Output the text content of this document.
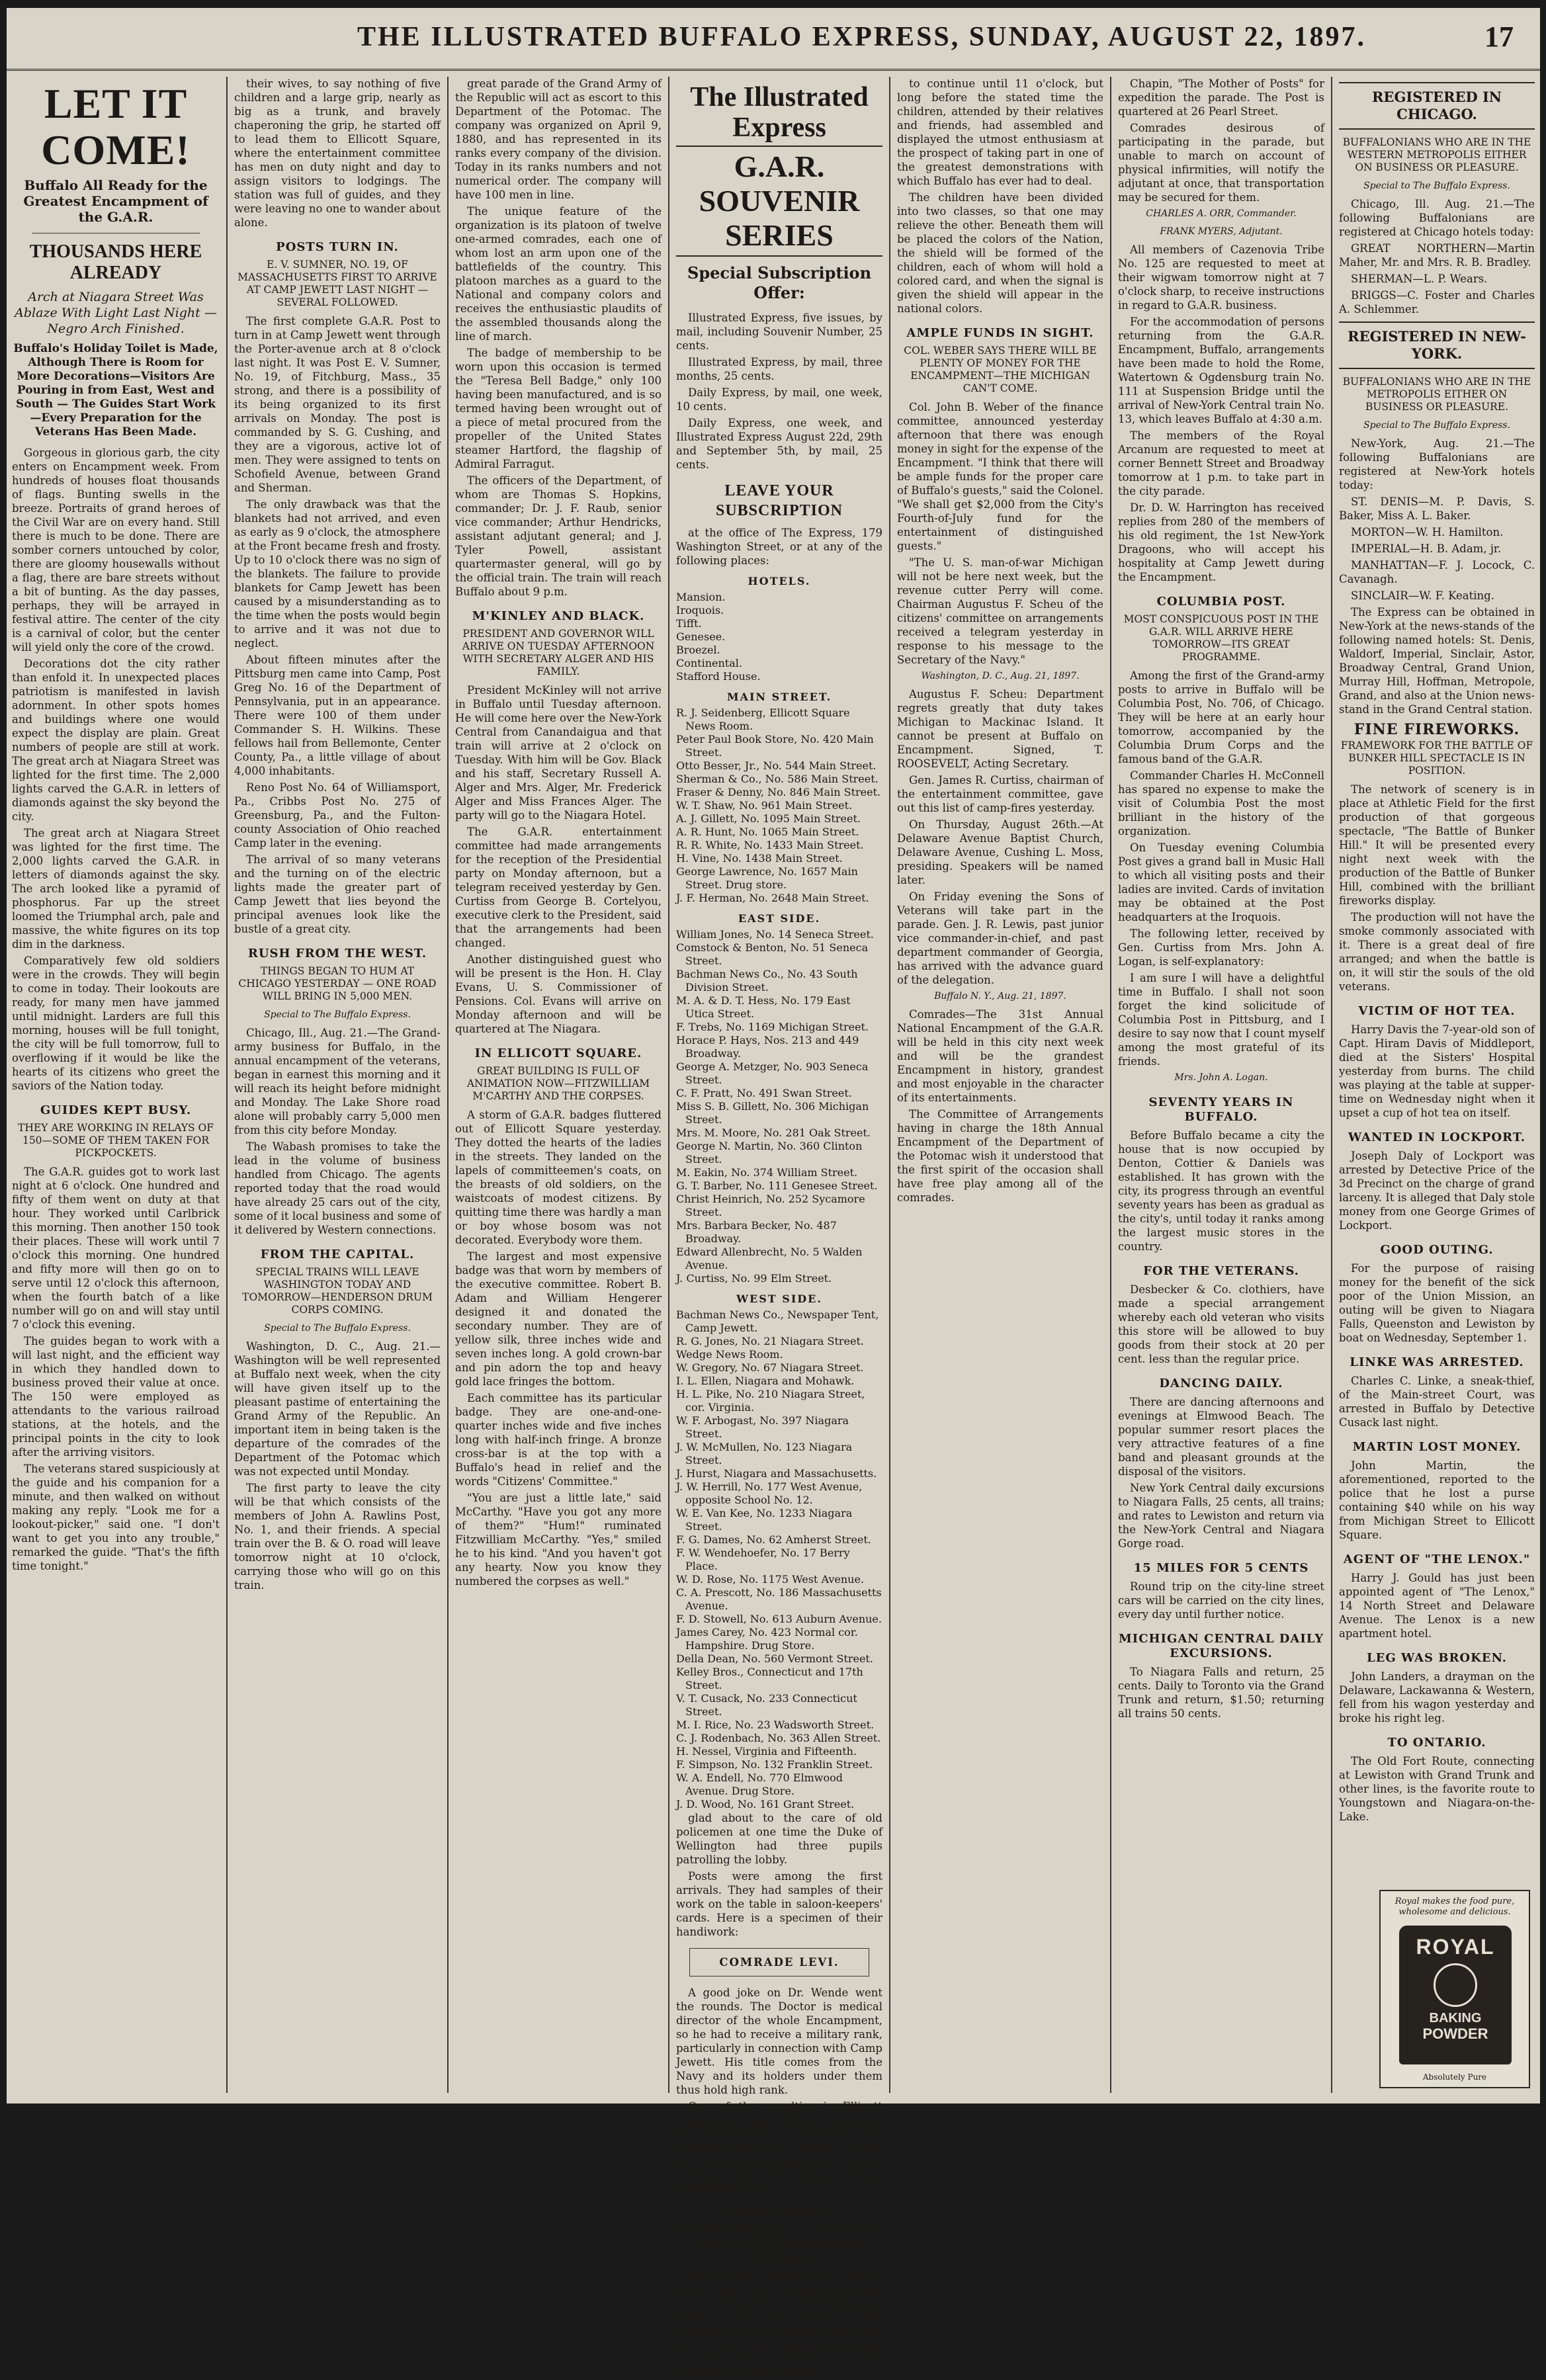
THE ILLUSTRATED BUFFALO EXPRESS, SUNDAY, AUGUST 22, 1897.	17
LET IT COME!
Buffalo All Ready for the Greatest Encampment of the G.A.R.
THOUSANDS HERE ALREADY
Arch at Niagara Street Was Ablaze With Light Last Night — Negro Arch Finished.
Buffalo's Holiday Toilet is Made, Although There is Room for More Decorations—Visitors Are Pouring in from East, West and South — The Guides Start Work—Every Preparation for the Veterans Has Been Made.

Gorgeous in glorious garb, the city enters on Encampment week. From hundreds of houses float thousands of flags. Bunting swells in the breeze. Portraits of grand heroes of the Civil War are on every hand. Still there is much to be done. There are somber corners untouched by color, there are gloomy housewalls without a flag, there are bare streets without a bit of bunting. As the day passes, perhaps, they will be arrayed in festival attire. The center of the city is a carnival of color, but the center will yield only the core of the crowd.

Decorations dot the city rather than enfold it. In unexpected places patriotism is manifested in lavish adornment. In other spots homes and buildings where one would expect the display are plain. Great numbers of people are still at work. The great arch at Niagara Street was lighted for the first time. The 2,000 lights carved the G.A.R. in letters of diamonds against the sky beyond the city.

The great arch at Niagara Street was lighted for the first time. The 2,000 lights carved the G.A.R. in letters of diamonds against the sky. The arch looked like a pyramid of phosphorus. Far up the street loomed the Triumphal arch, pale and massive, the white figures on its top dim in the darkness.

Comparatively few old soldiers were in the crowds. They will begin to come in today. Their lookouts are ready, for many men have jammed until midnight. Larders are full this morning, houses will be full tonight, the city will be full tomorrow, full to overflowing if it would be like the hearts of its citizens who greet the saviors of the Nation today.

GUIDES KEPT BUSY.
THEY ARE WORKING IN RELAYS OF 150—SOME OF THEM TAKEN FOR PICKPOCKETS.

The G.A.R. guides got to work last night at 6 o'clock. One hundred and fifty of them went on duty at that hour. They worked until Carlbrick this morning. Then another 150 took their places. These will work until 7 o'clock this morning. One hundred and fifty more will then go on to serve until 12 o'clock this afternoon, when the fourth batch of a like number will go on and will stay until 7 o'clock this evening.

The guides began to work with a will last night, and the efficient way in which they handled down to business proved their value at once. The 150 were employed as attendants to the various railroad stations, at the hotels, and the principal points in the city to look after the arriving visitors.

The veterans stared suspiciously at the guide and his companion for a minute, and then walked on without making any reply. "Look me for a lookout-picker," said one. "I don't want to get you into any trouble," remarked the guide. "That's the fifth time tonight."

their wives, to say nothing of five children and a large grip, nearly as big as a trunk, and bravely chaperoning the grip, he started off to lead them to Ellicott Square, where the entertainment committee has men on duty night and day to assign visitors to lodgings. The station was full of guides, and they were leaving no one to wander about alone.

POSTS TURN IN.
E. V. SUMNER, NO. 19, OF MASSACHUSETTS FIRST TO ARRIVE AT CAMP JEWETT LAST NIGHT — SEVERAL FOLLOWED.

The first complete G.A.R. Post to turn in at Camp Jewett went through the Porter-avenue arch at 8 o'clock last night. It was Post E. V. Sumner, No. 19, of Fitchburg, Mass., 35 strong, and there is a possibility of its being organized to its first arrivals on Monday. The post is commanded by S. G. Cushing, and they are a vigorous, active lot of men. They were assigned to tents on Schofield Avenue, between Grand and Sherman.

The only drawback was that the blankets had not arrived, and even as early as 9 o'clock, the atmosphere at the Front became fresh and frosty. Up to 10 o'clock there was no sign of the blankets. The failure to provide blankets for Camp Jewett has been caused by a misunderstanding as to the time when the posts would begin to arrive and it was not due to neglect.

About fifteen minutes after the Pittsburg men came into Camp, Post Greg No. 16 of the Department of Pennsylvania, put in an appearance. There were 100 of them under Commander S. H. Wilkins. These fellows hail from Bellemonte, Center County, Pa., a little village of about 4,000 inhabitants.

Reno Post No. 64 of Williamsport, Pa., Cribbs Post No. 275 of Greensburg, Pa., and the Fulton-county Association of Ohio reached Camp later in the evening.

The arrival of so many veterans and the turning on of the electric lights made the greater part of Camp Jewett that lies beyond the principal avenues look like the bustle of a great city.

RUSH FROM THE WEST.
THINGS BEGAN TO HUM AT CHICAGO YESTERDAY — ONE ROAD WILL BRING IN 5,000 MEN.
Special to The Buffalo Express.

Chicago, Ill., Aug. 21.—The Grand-army business for Buffalo, in the annual encampment of the veterans, began in earnest this morning and it will reach its height before midnight and Monday. The Lake Shore road alone will probably carry 5,000 men from this city before Monday.

The Wabash promises to take the lead in the volume of business handled from Chicago. The agents reported today that the road would have already 25 cars out of the city, some of it local business and some of it delivered by Western connections.

FROM THE CAPITAL.
SPECIAL TRAINS WILL LEAVE WASHINGTON TODAY AND TOMORROW—HENDERSON DRUM CORPS COMING.
Special to The Buffalo Express.

Washington, D. C., Aug. 21.—Washington will be well represented at Buffalo next week, when the city will have given itself up to the pleasant pastime of entertaining the Grand Army of the Republic. An important item in being taken is the departure of the comrades of the Department of the Potomac which was not expected until Monday.

The first party to leave the city will be that which consists of the members of John A. Rawlins Post, No. 1, and their friends. A special train over the B. & O. road will leave tomorrow night at 10 o'clock, carrying those who will go on this train.

great parade of the Grand Army of the Republic will act as escort to this Department of the Potomac. The company was organized on April 9, 1880, and has represented in its ranks every company of the division. Today in its ranks numbers and not numerical order. The company will have 100 men in line.

The unique feature of the organization is its platoon of twelve one-armed comrades, each one of whom lost an arm upon one of the battlefields of the country. This platoon marches as a guard to the National and company colors and receives the enthusiastic plaudits of the assembled thousands along the line of march.

The badge of membership to be worn upon this occasion is termed the "Teresa Bell Badge," only 100 having been manufactured, and is so termed having been wrought out of a piece of metal procured from the propeller of the United States steamer Hartford, the flagship of Admiral Farragut.

The officers of the Department, of whom are Thomas S. Hopkins, commander; Dr. J. F. Raub, senior vice commander; Arthur Hendricks, assistant adjutant general; and J. Tyler Powell, assistant quartermaster general, will go by the official train. The train will reach Buffalo about 9 p.m.

M'KINLEY AND BLACK.
PRESIDENT AND GOVERNOR WILL ARRIVE ON TUESDAY AFTERNOON WITH SECRETARY ALGER AND HIS FAMILY.

President McKinley will not arrive in Buffalo until Tuesday afternoon. He will come here over the New-York Central from Canandaigua and that train will arrive at 2 o'clock on Tuesday. With him will be Gov. Black and his staff, Secretary Russell A. Alger and Mrs. Alger, Mr. Frederick Alger and Miss Frances Alger. The party will go to the Niagara Hotel.

The G.A.R. entertainment committee had made arrangements for the reception of the Presidential party on Monday afternoon, but a telegram received yesterday by Gen. Curtiss from George B. Cortelyou, executive clerk to the President, said that the arrangements had been changed.

Another distinguished guest who will be present is the Hon. H. Clay Evans, U. S. Commissioner of Pensions. Col. Evans will arrive on Monday afternoon and will be quartered at The Niagara.

IN ELLICOTT SQUARE.
GREAT BUILDING IS FULL OF ANIMATION NOW—FITZWILLIAM M'CARTHY AND THE CORPSES.

A storm of G.A.R. badges fluttered out of Ellicott Square yesterday. They dotted the hearts of the ladies in the streets. They landed on the lapels of committeemen's coats, on the breasts of old soldiers, on the waistcoats of modest citizens. By quitting time there was hardly a man or boy whose bosom was not decorated. Everybody wore them.

The largest and most expensive badge was that worn by members of the executive committee. Robert B. Adam and William Hengerer designed it and donated the secondary number. They are of yellow silk, three inches wide and seven inches long. A gold crown-bar and pin adorn the top and heavy gold lace fringes the bottom.

Each committee has its particular badge. They are one-and-one-quarter inches wide and five inches long with half-inch fringe. A bronze cross-bar is at the top with a Buffalo's head in relief and the words "Citizens' Committee."

"You are just a little late," said McCarthy. "Have you got any more of them?" "Hum!" ruminated Fitzwilliam McCarthy. "Yes," smiled he to his kind. "And you haven't got any hearty. Now you know they numbered the corpses as well."

The Illustrated Express
G.A.R. SOUVENIR SERIES
Special Subscription Offer:

Illustrated Express, five issues, by mail, including Souvenir Number, 25 cents.

Illustrated Express, by mail, three months, 25 cents.

Daily Express, by mail, one week, 10 cents.

Daily Express, one week, and Illustrated Express August 22d, 29th and September 5th, by mail, 25 cents.

LEAVE YOUR SUBSCRIPTION

at the office of The Express, 179 Washington Street, or at any of the following places:

HOTELS.
Mansion.
Iroquois.
Tifft.
Genesee.
Broezel.
Continental.
Stafford House.
MAIN STREET.
R. J. Seidenberg, Ellicott Square News Room.
Peter Paul Book Store, No. 420 Main Street.
Otto Besser, Jr., No. 544 Main Street.
Sherman & Co., No. 586 Main Street.
Fraser & Denny, No. 846 Main Street.
W. T. Shaw, No. 961 Main Street.
A. J. Gillett, No. 1095 Main Street.
A. R. Hunt, No. 1065 Main Street.
R. R. White, No. 1433 Main Street.
H. Vine, No. 1438 Main Street.
George Lawrence, No. 1657 Main Street. Drug store.
J. F. Herman, No. 2648 Main Street.
EAST SIDE.
William Jones, No. 14 Seneca Street.
Comstock & Benton, No. 51 Seneca Street.
Bachman News Co., No. 43 South Division Street.
M. A. & D. T. Hess, No. 179 East Utica Street.
F. Trebs, No. 1169 Michigan Street.
Horace P. Hays, Nos. 213 and 449 Broadway.
George A. Metzger, No. 903 Seneca Street.
C. F. Pratt, No. 491 Swan Street.
Miss S. B. Gillett, No. 306 Michigan Street.
Mrs. M. Moore, No. 281 Oak Street.
George N. Martin, No. 360 Clinton Street.
M. Eakin, No. 374 William Street.
G. T. Barber, No. 111 Genesee Street.
Christ Heinrich, No. 252 Sycamore Street.
Mrs. Barbara Becker, No. 487 Broadway.
Edward Allenbrecht, No. 5 Walden Avenue.
J. Curtiss, No. 99 Elm Street.
WEST SIDE.
Bachman News Co., Newspaper Tent, Camp Jewett.
R. G. Jones, No. 21 Niagara Street.
Wedge News Room.
W. Gregory, No. 67 Niagara Street.
I. L. Ellen, Niagara and Mohawk.
H. L. Pike, No. 210 Niagara Street, cor. Virginia.
W. F. Arbogast, No. 397 Niagara Street.
J. W. McMullen, No. 123 Niagara Street.
J. Hurst, Niagara and Massachusetts.
J. W. Herrill, No. 177 West Avenue, opposite School No. 12.
W. E. Van Kee, No. 1233 Niagara Street.
F. G. Dames, No. 62 Amherst Street.
F. W. Wendehoefer, No. 17 Berry Place.
W. D. Rose, No. 1175 West Avenue.
C. A. Prescott, No. 186 Massachusetts Avenue.
F. D. Stowell, No. 613 Auburn Avenue.
James Carey, No. 423 Normal cor. Hampshire. Drug Store.
Della Dean, No. 560 Vermont Street.
Kelley Bros., Connecticut and 17th Street.
V. T. Cusack, No. 233 Connecticut Street.
M. I. Rice, No. 23 Wadsworth Street.
C. J. Rodenbach, No. 363 Allen Street.
H. Nessel, Virginia and Fifteenth.
F. Simpson, No. 132 Franklin Street.
W. A. Endell, No. 770 Elmwood Avenue. Drug Store.
J. D. Wood, No. 161 Grant Street.

glad about to the care of old policemen at one time the Duke of Wellington had three pupils patrolling the lobby.

Posts were among the first arrivals. They had samples of their work on the table in saloon-keepers' cards. Here is a specimen of their handiwork:

COMRADE LEVI.

A good joke on Dr. Wende went the rounds. The Doctor is medical director of the whole Encampment, so he had to receive a military rank, particularly in connection with Camp Jewett. His title comes from the Navy and its holders under them thus hold high rank.

One of the novelties in Ellicott Square is a popcorn flag. Small boys are selling them at a cent a size. The favorite, and most catching of the sort is on 7th St bright red. It has a crescent over a star. Many a Mason looked twice at it.

LIVING SHIELD.
FIFTEEN HUNDRED CHILDREN WHO WILL MAKE IT UP REHEARSED YESTERDAY.

Under the direction of Charles Hager and Prof. Joseph Mischka, who conducted the 74th-regiment Band, a rehearsal of the 1,500 children who will compose the living shield was held yesterday morning on the band platform at the Elmwood Avenue grounds.

to continue until 11 o'clock, but long before the stated time the children, attended by their relatives and friends, had assembled and displayed the utmost enthusiasm at the prospect of taking part in one of the greatest demonstrations with which Buffalo has ever had to deal.

The children have been divided into two classes, so that one may relieve the other. Beneath them will be placed the colors of the Nation, the shield will be formed of the children, each of whom will hold a colored card, and when the signal is given the shield will appear in the national colors.

AMPLE FUNDS IN SIGHT.
COL. WEBER SAYS THERE WILL BE PLENTY OF MONEY FOR THE ENCAMPMENT—THE MICHIGAN CAN'T COME.

Col. John B. Weber of the finance committee, announced yesterday afternoon that there was enough money in sight for the expense of the Encampment. "I think that there will be ample funds for the proper care of Buffalo's guests," said the Colonel. "We shall get $2,000 from the City's Fourth-of-July fund for the entertainment of distinguished guests."

"The U. S. man-of-war Michigan will not be here next week, but the revenue cutter Perry will come. Chairman Augustus F. Scheu of the citizens' committee on arrangements received a telegram yesterday in response to his message to the Secretary of the Navy."

Washington, D. C., Aug. 21, 1897.

Augustus F. Scheu: Department regrets greatly that duty takes Michigan to Mackinac Island. It cannot be present at Buffalo on Encampment. Signed, T. ROOSEVELT, Acting Secretary.

Gen. James R. Curtiss, chairman of the entertainment committee, gave out this list of camp-fires yesterday.

On Thursday, August 26th.—At Delaware Avenue Baptist Church, Delaware Avenue, Cushing L. Moss, presiding. Speakers will be named later.

On Friday evening the Sons of Veterans will take part in the parade. Gen. J. R. Lewis, past junior vice commander-in-chief, and past department commander of Georgia, has arrived with the advance guard of the delegation.

Buffalo N. Y., Aug. 21, 1897.

Comrades—The 31st Annual National Encampment of the G.A.R. will be held in this city next week and will be the grandest Encampment in history, grandest and most enjoyable in the character of its entertainments.

The Committee of Arrangements having in charge the 18th Annual Encampment of the Department of the Potomac wish it understood that the first spirit of the occasion shall have free play among all of the comrades.

Chapin, "The Mother of Posts" for expedition the parade. The Post is quartered at 26 Pearl Street.

Comrades desirous of participating in the parade, but unable to march on account of physical infirmities, will notify the adjutant at once, that transportation may be secured for them.

CHARLES A. ORR, Commander.
FRANK MYERS, Adjutant.

All members of Cazenovia Tribe No. 125 are requested to meet at their wigwam tomorrow night at 7 o'clock sharp, to receive instructions in regard to G.A.R. business.

For the accommodation of persons returning from the G.A.R. Encampment, Buffalo, arrangements have been made to hold the Rome, Watertown & Ogdensburg train No. 111 at Suspension Bridge until the arrival of New-York Central train No. 13, which leaves Buffalo at 4:30 a.m.

The members of the Royal Arcanum are requested to meet at corner Bennett Street and Broadway tomorrow at 1 p.m. to take part in the city parade.

Dr. D. W. Harrington has received replies from 280 of the members of his old regiment, the 1st New-York Dragoons, who will accept his hospitality at Camp Jewett during the Encampment.

COLUMBIA POST.
MOST CONSPICUOUS POST IN THE G.A.R. WILL ARRIVE HERE TOMORROW—ITS GREAT PROGRAMME.

Among the first of the Grand-army posts to arrive in Buffalo will be Columbia Post, No. 706, of Chicago. They will be here at an early hour tomorrow, accompanied by the Columbia Drum Corps and the famous band of the G.A.R.

Commander Charles H. McConnell has spared no expense to make the visit of Columbia Post the most brilliant in the history of the organization.

On Tuesday evening Columbia Post gives a grand ball in Music Hall to which all visiting posts and their ladies are invited. Cards of invitation may be obtained at the Post headquarters at the Iroquois.

The following letter, received by Gen. Curtiss from Mrs. John A. Logan, is self-explanatory:

I am sure I will have a delightful time in Buffalo. I shall not soon forget the kind solicitude of Columbia Post in Pittsburg, and I desire to say now that I count myself among the most grateful of its friends.

Mrs. John A. Logan.
SEVENTY YEARS IN BUFFALO.

Before Buffalo became a city the house that is now occupied by Denton, Cottier & Daniels was established. It has grown with the city, its progress through an eventful seventy years has been as gradual as the city's, until today it ranks among the largest music stores in the country.

FOR THE VETERANS.

Desbecker & Co. clothiers, have made a special arrangement whereby each old veteran who visits this store will be allowed to buy goods from their stock at 20 per cent. less than the regular price.

DANCING DAILY.

There are dancing afternoons and evenings at Elmwood Beach. The popular summer resort places the very attractive features of a fine band and pleasant grounds at the disposal of the visitors.

New York Central daily excursions to Niagara Falls, 25 cents, all trains; and rates to Lewiston and return via the New-York Central and Niagara Gorge road.

15 MILES FOR 5 CENTS

Round trip on the city-line street cars will be carried on the city lines, every day until further notice.

MICHIGAN CENTRAL DAILY EXCURSIONS.

To Niagara Falls and return, 25 cents. Daily to Toronto via the Grand Trunk and return, $1.50; returning all trains 50 cents.

REGISTERED IN CHICAGO.
BUFFALONIANS WHO ARE IN THE WESTERN METROPOLIS EITHER ON BUSINESS OR PLEASURE.
Special to The Buffalo Express.

Chicago, Ill. Aug. 21.—The following Buffalonians are registered at Chicago hotels today:

GREAT NORTHERN—Martin Maher, Mr. and Mrs. R. B. Bradley.

SHERMAN—L. P. Wears.

BRIGGS—C. Foster and Charles A. Schlemmer.

REGISTERED IN NEW-YORK.
BUFFALONIANS WHO ARE IN THE METROPOLIS EITHER ON BUSINESS OR PLEASURE.
Special to The Buffalo Express.

New-York, Aug. 21.—The following Buffalonians are registered at New-York hotels today:

ST. DENIS—M. P. Davis, S. Baker, Miss A. L. Baker.

MORTON—W. H. Hamilton.

IMPERIAL—H. B. Adam, jr.

MANHATTAN—F. J. Locock, C. Cavanagh.

SINCLAIR—W. F. Keating.

The Express can be obtained in New-York at the news-stands of the following named hotels: St. Denis, Waldorf, Imperial, Sinclair, Astor, Broadway Central, Grand Union, Murray Hill, Hoffman, Metropole, Grand, and also at the Union news-stand in the Grand Central station.

FINE FIREWORKS.
FRAMEWORK FOR THE BATTLE OF BUNKER HILL SPECTACLE IS IN POSITION.

The network of scenery is in place at Athletic Field for the first production of that gorgeous spectacle, "The Battle of Bunker Hill." It will be presented every night next week with the production of the Battle of Bunker Hill, combined with the brilliant fireworks display.

The production will not have the smoke commonly associated with it. There is a great deal of fire arranged; and when the battle is on, it will stir the souls of the old veterans.

VICTIM OF HOT TEA.

Harry Davis the 7-year-old son of Capt. Hiram Davis of Middleport, died at the Sisters' Hospital yesterday from burns. The child was playing at the table at supper-time on Wednesday night when it upset a cup of hot tea on itself.

WANTED IN LOCKPORT.

Joseph Daly of Lockport was arrested by Detective Price of the 3d Precinct on the charge of grand larceny. It is alleged that Daly stole money from one George Grimes of Lockport.

GOOD OUTING.

For the purpose of raising money for the benefit of the sick poor of the Union Mission, an outing will be given to Niagara Falls, Queenston and Lewiston by boat on Wednesday, September 1.

LINKE WAS ARRESTED.

Charles C. Linke, a sneak-thief, of the Main-street Court, was arrested in Buffalo by Detective Cusack last night.

MARTIN LOST MONEY.

John Martin, the aforementioned, reported to the police that he lost a purse containing $40 while on his way from Michigan Street to Ellicott Square.

AGENT OF "THE LENOX."

Harry J. Gould has just been appointed agent of "The Lenox," 14 North Street and Delaware Avenue. The Lenox is a new apartment hotel.

LEG WAS BROKEN.

John Landers, a drayman on the Delaware, Lackawanna & Western, fell from his wagon yesterday and broke his right leg.

TO ONTARIO.

The Old Fort Route, connecting at Lewiston with Grand Trunk and other lines, is the favorite route to Youngstown and Niagara-on-the-Lake.

Royal makes the food pure, wholesome and delicious.
ROYAL
BAKING
POWDER
Absolutely Pure
